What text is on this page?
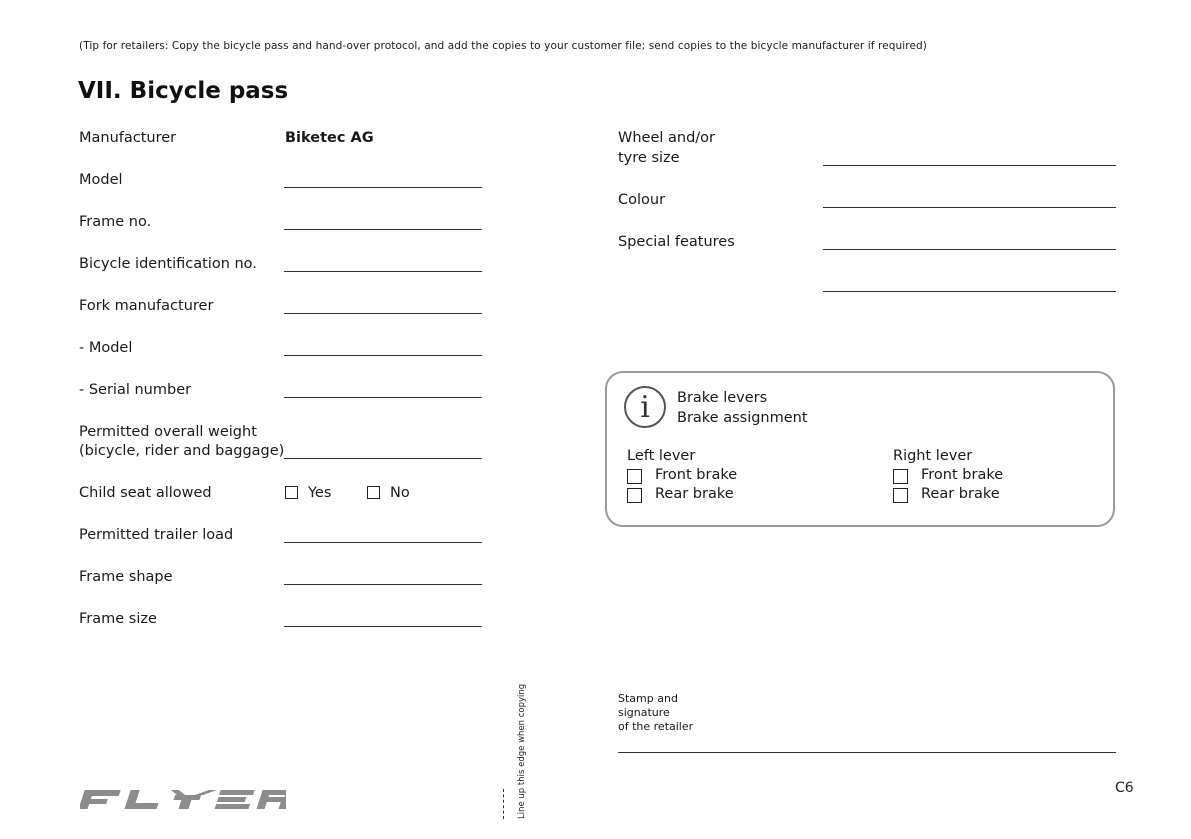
(Tip for retailers: Copy the bicycle pass and hand-over protocol, and add the copies to your customer file; send copies to the bicycle manufacturer if required)
VII. Bicycle pass
Manufacturer	Biketec AG
Model
Frame no.
Bicycle identification no.
Fork manufacturer
- Model
- Serial number
Permitted overall weight
(bicycle, rider and baggage)
Child seat allowed	Yes	No
Permitted trailer load
Frame shape
Frame size
Wheel and/or
tyre size
Colour
Special features
i	Brake levers
Brake assignment
Left lever
Front brake
Rear brake
Right lever
Front brake
Rear brake
Stamp and
signature
of the retailer
Line up this edge when copying	C6
